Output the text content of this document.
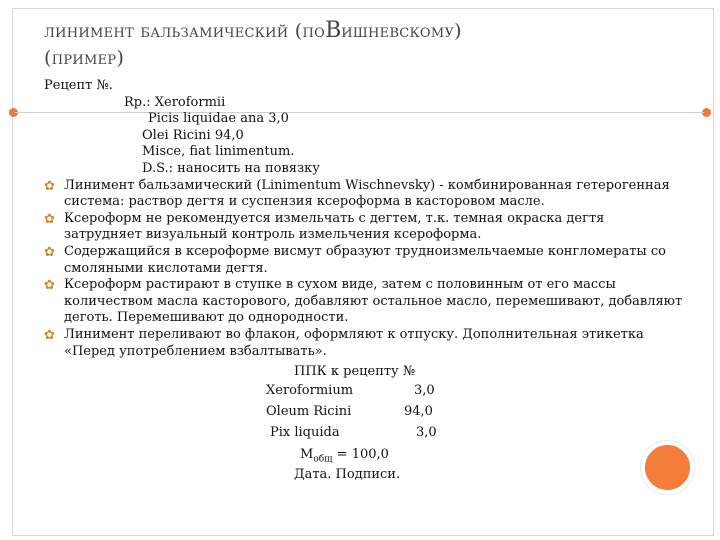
линимент бальзамический (поВишневскому)
(пример)
Рецепт №.
Rp.: Xeroformii
Picis liquidae ana 3,0
Olei Ricini 94,0
Misce, fiat linimentum.
D.S.: наносить на повязку
✿ Линимент бальзамический (Linimentum Wischnevsky) - комбинированная гетерогенная система: раствор дегтя и суспензия ксероформа в касторовом масле.
✿ Ксероформ не рекомендуется измельчать с дегтем, т.к. темная окраска дегтя затрудняет визуальный контроль измельчения ксероформа.
✿ Содержащийся в ксероформе висмут образуют трудноизмельчаемые конгломераты со смоляными кислотами дегтя.
✿ Ксероформ растирают в ступке в сухом виде, затем с половинным от его массы количеством масла касторового, добавляют остальное масло, перемешивают, добавляют деготь. Перемешивают до однородности.
✿ Линимент переливают во флакон, оформляют к отпуску. Дополнительная этикетка «Перед употреблением взбалтывать».
ППК к рецепту №
Xeroformium	3,0
Oleum Ricini	94,0
Pix liquida	3,0
$M_{общ} = 100,0$
Дата. Подписи.
